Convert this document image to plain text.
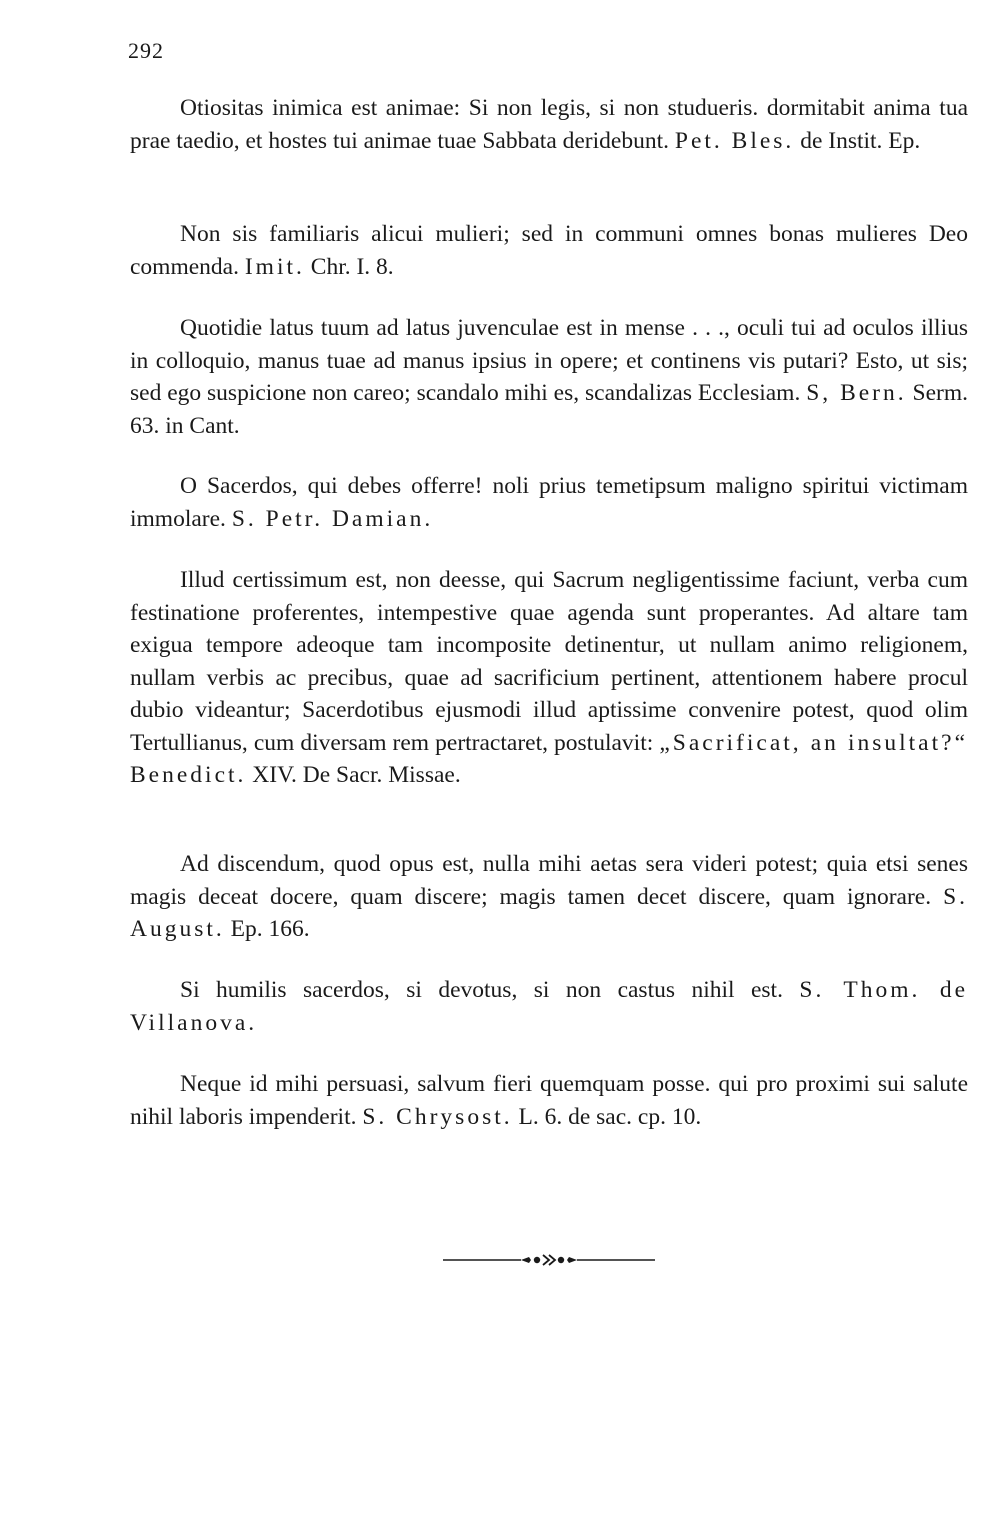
292

Otiositas inimica est animae: Si non legis, si non studueris. dormitabit anima tua prae taedio, et hostes tui animae tuae Sabbata deridebunt. Pet. Bles. de Instit. Ep.

Non sis familiaris alicui mulieri; sed in communi omnes bonas mulieres Deo commenda. Imit. Chr. I. 8.

Quotidie latus tuum ad latus juvenculae est in mense . . ., oculi tui ad oculos illius in colloquio, manus tuae ad manus ipsius in opere; et continens vis putari? Esto, ut sis; sed ego suspicione non careo; scandalo mihi es, scandalizas Ecclesiam. S, Bern. Serm. 63. in Cant.

O Sacerdos, qui debes offerre! noli prius temetipsum maligno spiritui victimam immolare. S. Petr. Damian.

Illud certissimum est, non deesse, qui Sacrum negligentissime faciunt, verba cum festinatione proferentes, intempestive quae agenda sunt properantes. Ad altare tam exigua tempore adeoque tam incomposite detinentur, ut nullam animo religionem, nullam verbis ac precibus, quae ad sacrificium pertinent, attentionem habere procul dubio videantur; Sacerdotibus ejusmodi illud aptissime convenire potest, quod olim Tertullianus, cum diversam rem pertractaret, postulavit: „Sacrificat, an insultat?“ Benedict. XIV. De Sacr. Missae.

Ad discendum, quod opus est, nulla mihi aetas sera videri potest; quia etsi senes magis deceat docere, quam discere; magis tamen decet discere, quam ignorare. S. August. Ep. 166.

Si humilis sacerdos, si devotus, si non castus nihil est. S. Thom. de Villanova.

Neque id mihi persuasi, salvum fieri quemquam posse. qui pro proximi sui salute nihil laboris impenderit. S. Chrysost. L. 6. de sac. cp. 10.
